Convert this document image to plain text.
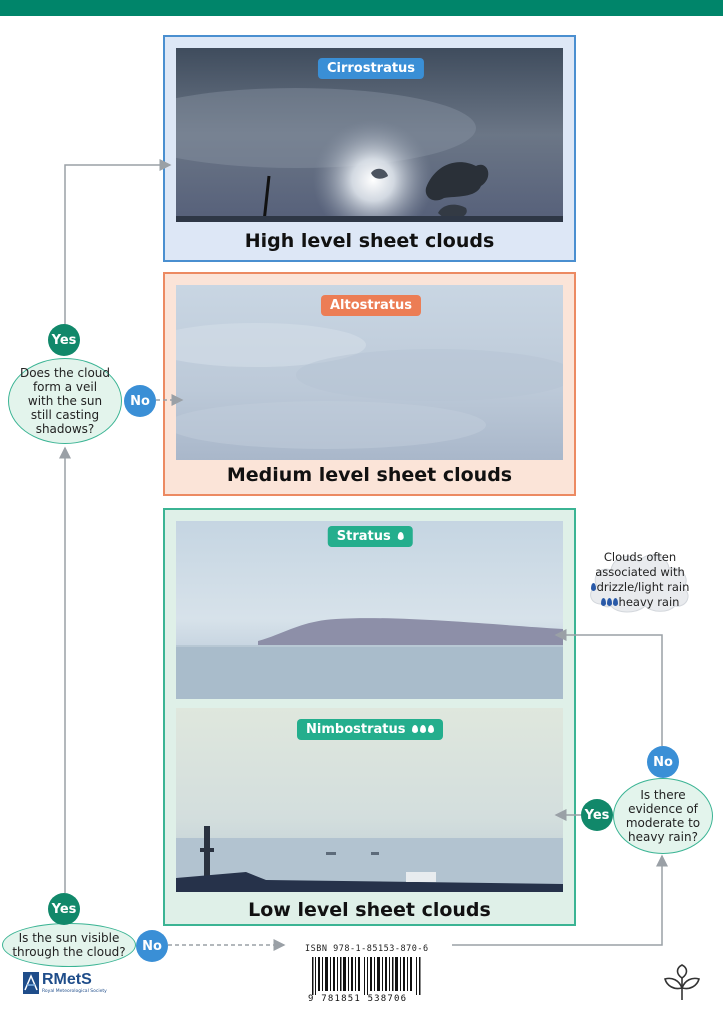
Cirrostratus
High level sheet clouds
Altostratus
Medium level sheet clouds
Stratus
Nimbostratus
Low level sheet clouds
Does the cloud form a veil with the sun still casting shadows?
Yes
No
Is the sun visible through the cloud?
Yes
No
Is there evidence of moderate to heavy rain?
No
Yes
Clouds often associated with
drizzle/light rain
heavy rain
ISBN 978-1-85153-870-6
9 781851 538706
RMetS
Royal Meteorological Society
